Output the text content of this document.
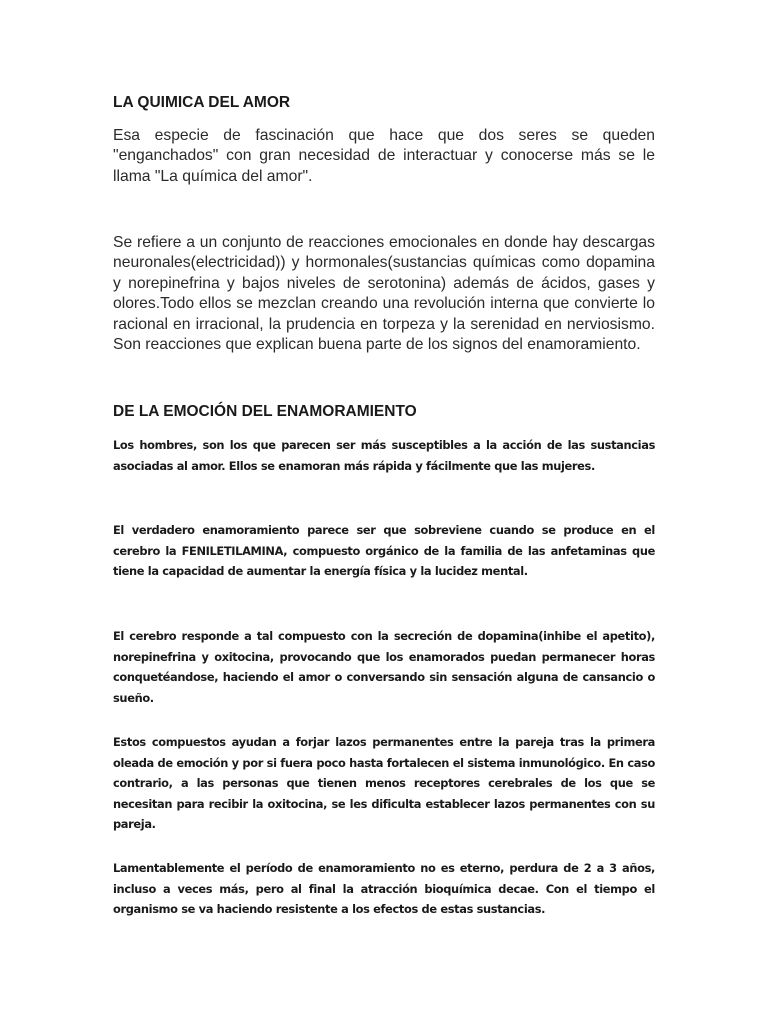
LA QUIMICA DEL AMOR

Esa especie de fascinación que hace que dos seres se queden "enganchados" con gran necesidad de interactuar y conocerse más se le llama "La química del amor".

Se refiere a un conjunto de reacciones emocionales en donde hay descargas neuronales(electricidad)) y hormonales(sustancias químicas como dopamina y norepinefrina y bajos niveles de serotonina) además de ácidos, gases y olores.Todo ellos se mezclan creando una revolución interna que convierte lo racional en irracional, la prudencia en torpeza y la serenidad en nerviosismo. Son reacciones que explican buena parte de los signos del enamoramiento.

DE LA EMOCIÓN DEL ENAMORAMIENTO

Los hombres, son los que parecen ser más susceptibles a la acción de las sustancias asociadas al amor. Ellos se enamoran más rápida y fácilmente que las mujeres.

El verdadero enamoramiento parece ser que sobreviene cuando se produce en el cerebro la FENILETILAMINA, compuesto orgánico de la familia de las anfetaminas que tiene la capacidad de aumentar la energía física y la lucidez mental.

El cerebro responde a tal compuesto con la secreción de dopamina(inhibe el apetito), norepinefrina y oxitocina, provocando que los enamorados puedan permanecer horas conquetéandose, haciendo el amor o conversando sin sensación alguna de cansancio o sueño.

Estos compuestos ayudan a forjar lazos permanentes entre la pareja tras la primera oleada de emoción y por si fuera poco hasta fortalecen el sistema inmunológico. En caso contrario, a las personas que tienen menos receptores cerebrales de los que se necesitan para recibir la oxitocina, se les dificulta establecer lazos permanentes con su pareja.

Lamentablemente el período de enamoramiento no es eterno, perdura de 2 a 3 años, incluso a veces más, pero al final la atracción bioquímica decae. Con el tiempo el organismo se va haciendo resistente a los efectos de estas sustancias.
